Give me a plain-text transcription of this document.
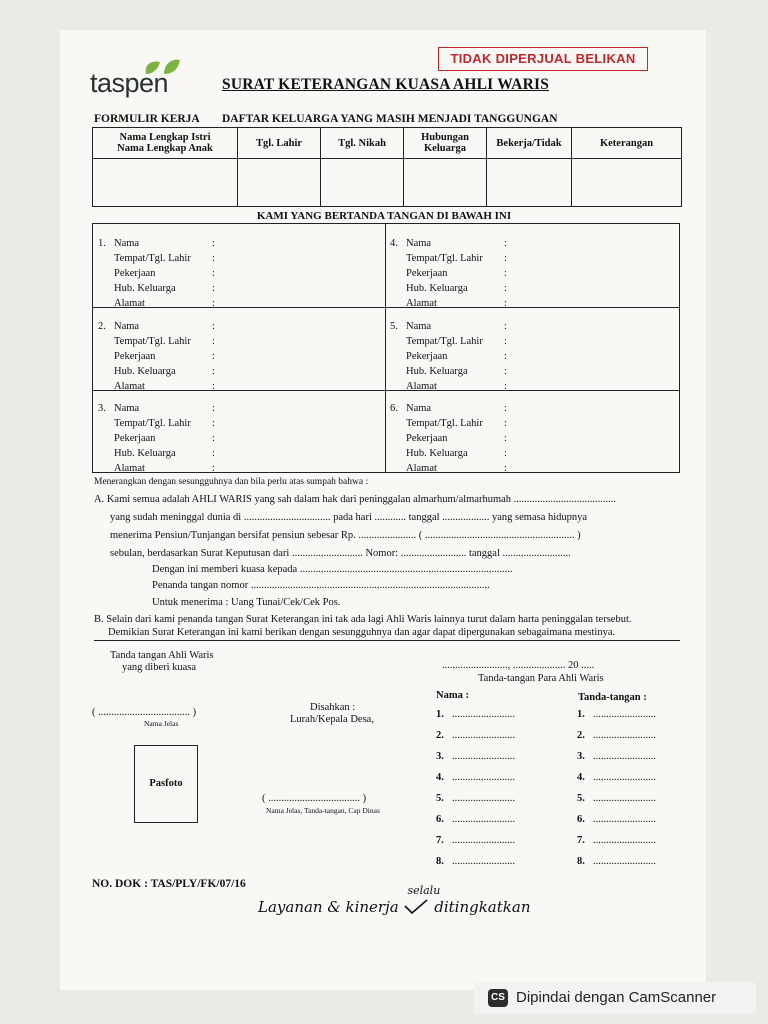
TIDAK DIPERJUAL BELIKAN
taspen	SURAT KETERANGAN KUASA AHLI WARIS
FORMULIR KERJA DAFTAR KELUARGA YANG MASIH MENJADI TANGGUNGAN
Nama Lengkap Istri
Nama Lengkap Anak	Tgl. Lahir	Tgl. Nikah	Hubungan
Keluarga	Bekerja/Tidak	Keterangan

KAMI YANG BERTANDA TANGAN DI BAWAH INI
1. Nama	:
Tempat/Tgl. Lahir :
Pekerjaan	:
Hub. Keluarga	:
Alamat	:
2. Nama	:
Tempat/Tgl. Lahir :
Pekerjaan	:
Hub. Keluarga	:
Alamat	:
3. Nama	:
Tempat/Tgl. Lahir :
Pekerjaan	:
Hub. Keluarga	:
Alamat	:
4. Nama	:
Tempat/Tgl. Lahir :
Pekerjaan	:
Hub. Keluarga	:
Alamat	:
5. Nama	:
Tempat/Tgl. Lahir :
Pekerjaan	:
Hub. Keluarga	:
Alamat	:
6. Nama	:
Tempat/Tgl. Lahir :
Pekerjaan	:
Hub. Keluarga	:
Alamat	:
Menerangkan dengan sesungguhnya dan bila perlu atas sumpah bahwa :
A. Kami semua adalah AHLI WARIS yang sah dalam hak dari peninggalan almarhum/almarhumah .......................................
yang sudah meninggal dunia di ................................. pada hari ............ tanggal .................. yang semasa hidupnya
menerima Pensiun/Tunjangan bersifat pensiun sebesar Rp. ...................... ( ......................................................... )
sebulan, berdasarkan Surat Keputusan dari ........................... Nomor: ......................... tanggal ..........................
Dengan ini memberi kuasa kepada .................................................................................
Penanda tangan nomor ...........................................................................................
Untuk menerima : Uang Tunai/Cek/Cek Pos.
B. Selain dari kami penanda tangan Surat Keterangan ini tak ada lagi Ahli Waris lainnya turut dalam harta peninggalan tersebut.
Demikian Surat Keterangan ini kami berikan dengan sesungguhnya dan agar dapat dipergunakan sebagaimana mestinya.
Tanda tangan Ahli Waris
yang diberi kuasa	........................., .................... 20 .....
Tanda-tangan Para Ahli Waris
Nama :	Tanda-tangan :
( ................................... )
Nama Jelas
Disahkan :
Lurah/Kepala Desa,
Pasfoto
( ................................... )
Nama Jelas, Tanda-tangan, Cap Dinas
1. ........................	1. ........................
2. ........................	2. ........................
3. ........................	3. ........................
4. ........................	4. ........................
5. ........................	5. ........................
6. ........................	6. ........................
7. ........................	7. ........................
8. ........................	8. ........................
NO. DOK : TAS/PLY/FK/07/16
Layanan & kinerja
selalu
ditingkatkan
CS Dipindai dengan CamScanner
